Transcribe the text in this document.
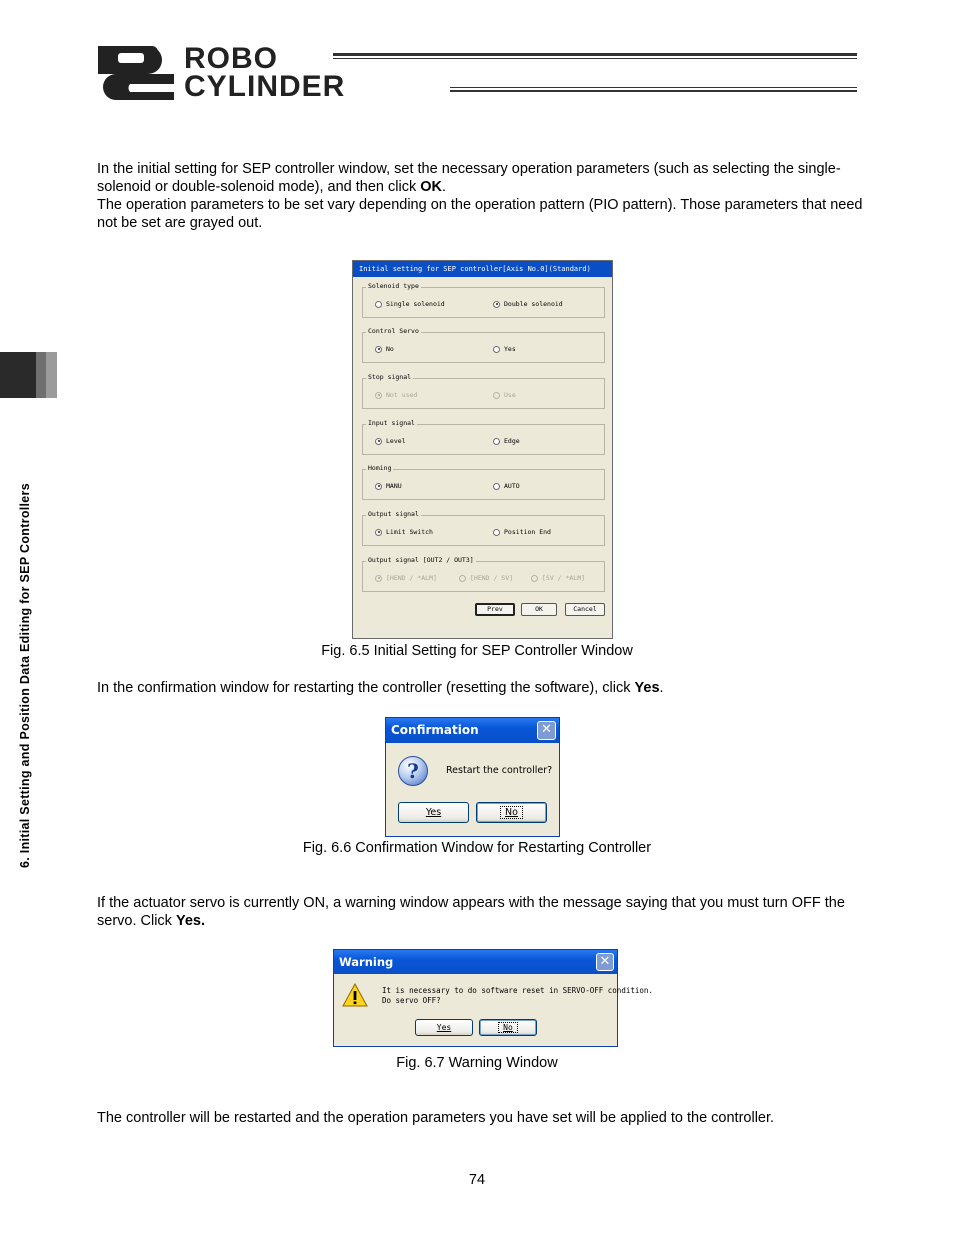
ROBO
CYLINDER
6. Initial Setting and Position Data Editing for SEP Controllers

In the initial setting for SEP controller window, set the necessary operation parameters (such as selecting the single-solenoid or double-solenoid mode), and then click OK.
The operation parameters to be set vary depending on the operation pattern (PIO pattern). Those parameters that need not be set are grayed out.

Initial setting for SEP controller[Axis No.0](Standard)
Solenoid type
Single solenoid	Double solenoid
Control Servo
No	Yes
Stop signal
Not used	Use
Input signal
Level	Edge
Homing
MANU	AUTO
Output signal
Limit Switch	Position End
Output signal [OUT2 / OUT3]
[HEND / *ALM]	[HEND / SV]	[SV / *ALM]
Prev	OK	Cancel
Fig. 6.5 Initial Setting for SEP Controller Window

In the confirmation window for restarting the controller (resetting the software), click Yes.

Confirmation	✕
?	Restart the controller?
Yes	No
Fig. 6.6 Confirmation Window for Restarting Controller

If the actuator servo is currently ON, a warning window appears with the message saying that you must turn OFF the servo. Click Yes.

Warning	✕
It is necessary to do software reset in SERVO-OFF condition.
Do servo OFF?
Yes	No
Fig. 6.7 Warning Window

The controller will be restarted and the operation parameters you have set will be applied to the controller.

74
